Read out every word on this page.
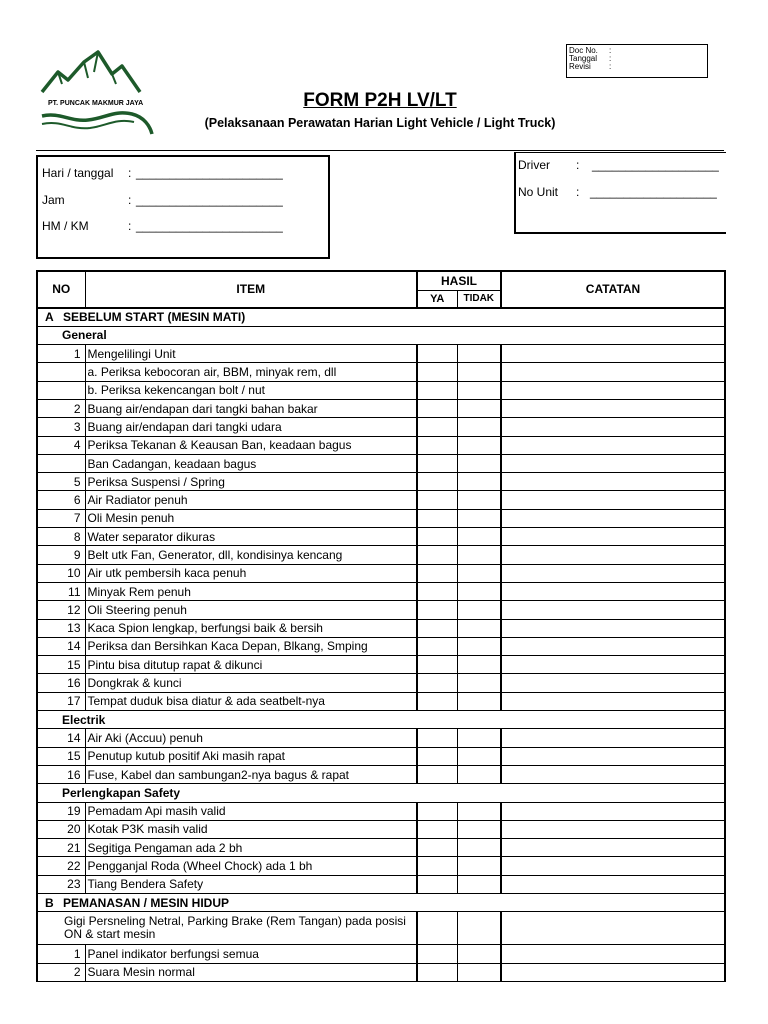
Doc No. :
Tanggal :
Revisi :
PT. PUNCAK MAKMUR JAYA	FORM P2H LV/LT
(Pelaksanaan Perawatan Harian Light Vehicle / Light Truck)
Hari / tanggal : ______________________
Jam	: ______________________
HM / KM	: ______________________
Driver : ___________________
No Unit : ___________________
NO	ITEM	HASIL		CATATAN
		YA	TIDAK	
A SEBELUM START (MESIN MATI)				
General				
1	Mengelilingi Unit			
	a. Periksa kebocoran air, BBM, minyak rem, dll			
	b. Periksa kekencangan bolt / nut			
2	Buang air/endapan dari tangki bahan bakar			
3	Buang air/endapan dari tangki udara			
4	Periksa Tekanan & Keausan Ban, keadaan bagus			
	Ban Cadangan, keadaan bagus			
5	Periksa Suspensi / Spring			
6	Air Radiator penuh			
7	Oli Mesin penuh			
8	Water separator dikuras			
9	Belt utk Fan, Generator, dll, kondisinya kencang			
10	Air utk pembersih kaca penuh			
11	Minyak Rem penuh			
12	Oli Steering penuh			
13	Kaca Spion lengkap, berfungsi baik & bersih			
14	Periksa dan Bersihkan Kaca Depan, Blkang, Smping			
15	Pintu bisa ditutup rapat & dikunci			
16	Dongkrak & kunci			
17	Tempat duduk bisa diatur & ada seatbelt-nya			
Electrik				
14	Air Aki (Accuu) penuh			
15	Penutup kutub positif Aki masih rapat			
16	Fuse, Kabel dan sambungan2-nya bagus & rapat			
Perlengkapan Safety				
19	Pemadam Api masih valid			
20	Kotak P3K masih valid			
21	Segitiga Pengaman ada 2 bh			
22	Pengganjal Roda (Wheel Chock) ada 1 bh			
23	Tiang Bendera Safety			
B PEMANASAN / MESIN HIDUP				
Gigi Persneling Netral, Parking Brake (Rem Tangan) pada posisi ON & start mesin				
1	Panel indikator berfungsi semua			
2	Suara Mesin normal			
